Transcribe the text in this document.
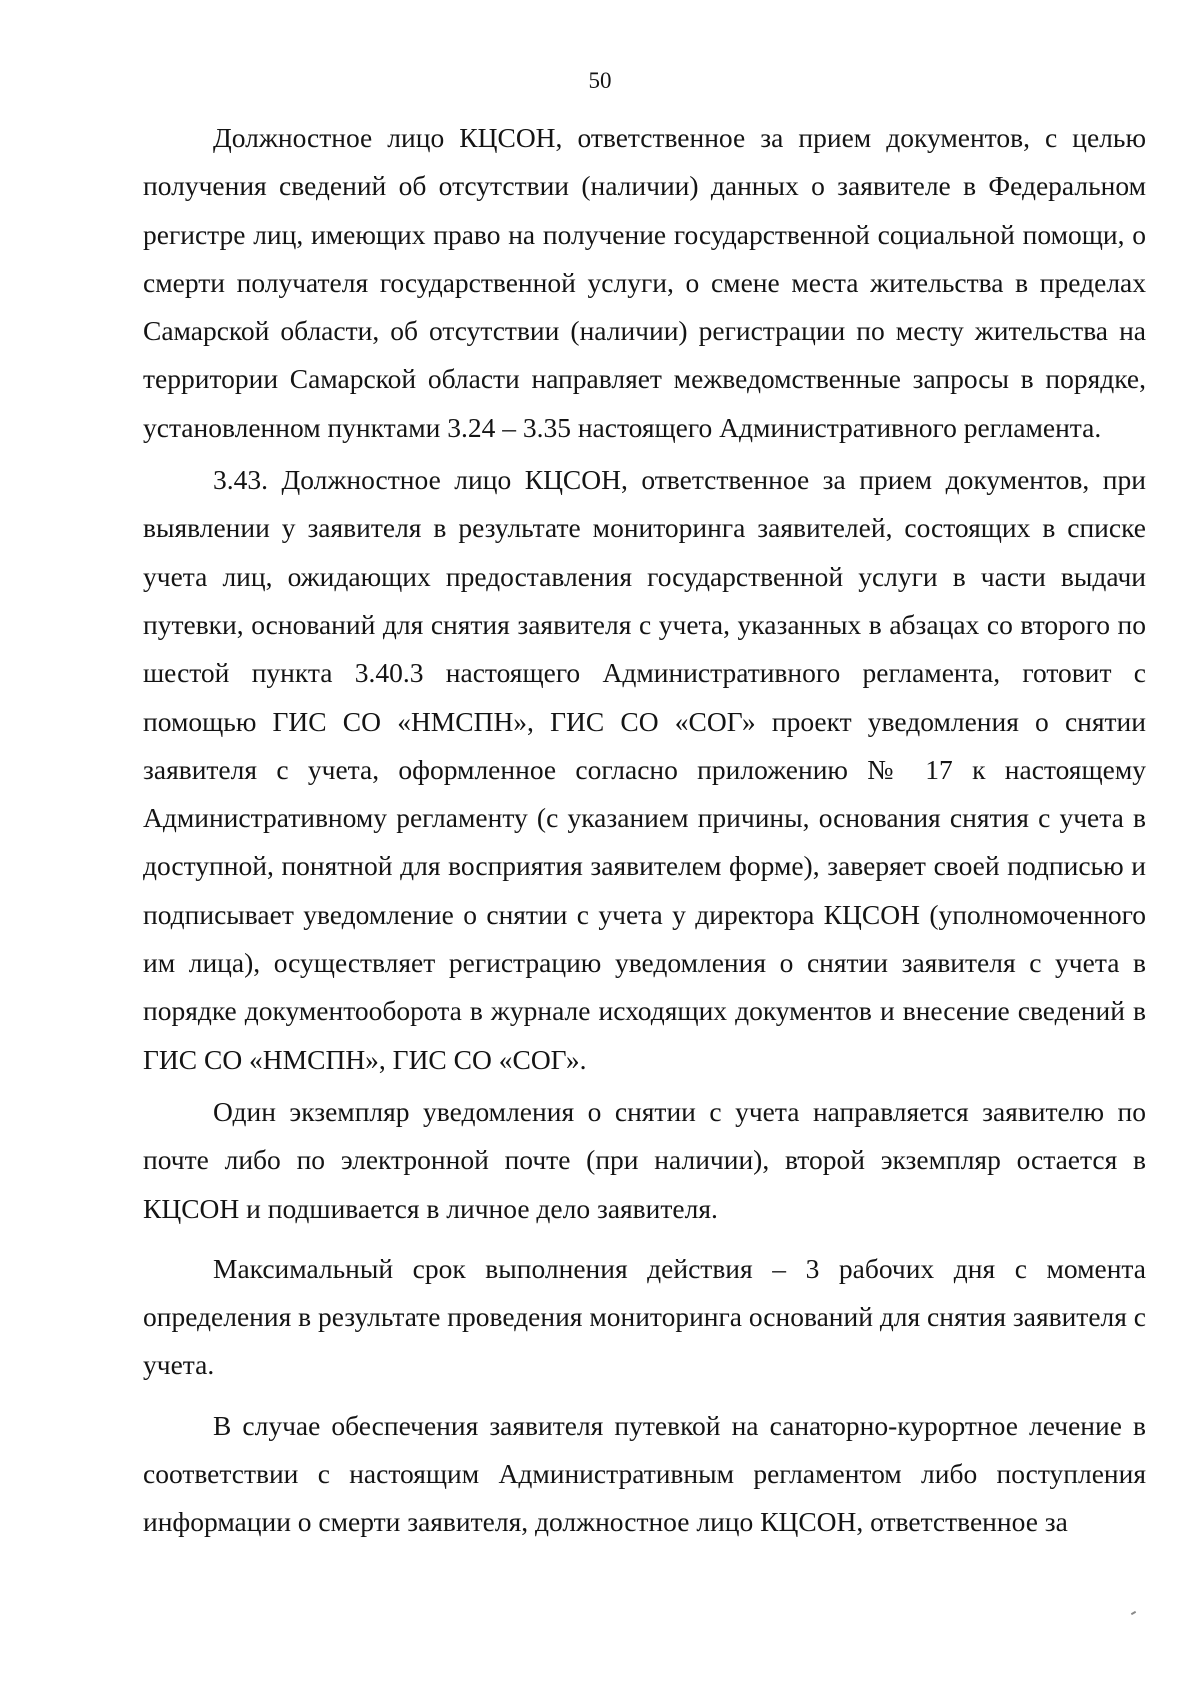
50

Должностное лицо КЦСОН, ответственное за прием документов, с целью получения сведений об отсутствии (наличии) данных о заявителе в Федеральном регистре лиц, имеющих право на получение государственной социальной помощи, о смерти получателя государственной услуги, о смене места жительства в пределах Самарской области, об отсутствии (наличии) регистрации по месту жительства на территории Самарской области направляет межведомственные запросы в порядке, установленном пунктами 3.24 – 3.35 настоящего Административного регламента.

3.43. Должностное лицо КЦСОН, ответственное за прием документов, при выявлении у заявителя в результате мониторинга заявителей, состоящих в списке учета лиц, ожидающих предоставления государственной услуги в части выдачи путевки, оснований для снятия заявителя с учета, указанных в абзацах со второго по шестой пункта 3.40.3 настоящего Административного регламента, готовит с помощью ГИС СО «НМСПН», ГИС СО «СОГ» проект уведомления о снятии заявителя с учета, оформленное согласно приложению № 17 к настоящему Административному регламенту (с указанием причины, основания снятия с учета в доступной, понятной для восприятия заявителем форме), заверяет своей подписью и подписывает уведомление о снятии с учета у директора КЦСОН (уполномоченного им лица), осуществляет регистрацию уведомления о снятии заявителя с учета в порядке документооборота в журнале исходящих документов и внесение сведений в ГИС СО «НМСПН», ГИС СО «СОГ».

Один экземпляр уведомления о снятии с учета направляется заявителю по почте либо по электронной почте (при наличии), второй экземпляр остается в КЦСОН и подшивается в личное дело заявителя.

Максимальный срок выполнения действия – 3 рабочих дня с момента определения в результате проведения мониторинга оснований для снятия заявителя с учета.

В случае обеспечения заявителя путевкой на санаторно-курортное лечение в соответствии с настоящим Административным регламентом либо поступления информации о смерти заявителя, должностное лицо КЦСОН, ответственное за
